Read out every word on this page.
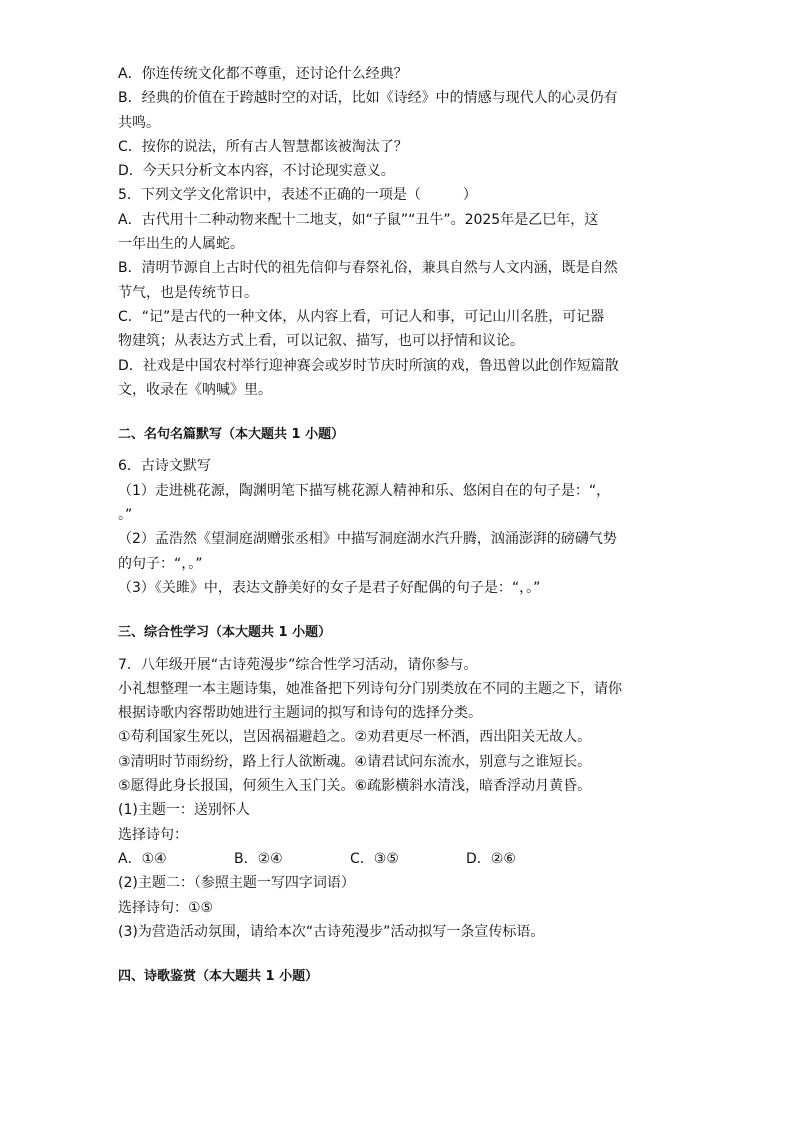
A．你连传统文化都不尊重，还讨论什么经典？
B．经典的价值在于跨越时空的对话，比如《诗经》中的情感与现代人的心灵仍有
共鸣。
C．按你的说法，所有古人智慧都该被淘汰了？
D．今天只分析文本内容，不讨论现实意义。
5．下列文学文化常识中，表述不正确的一项是（　　　）
A．古代用十二种动物来配十二地支，如“子鼠”“丑牛”。2025年是乙巳年，这
一年出生的人属蛇。
B．清明节源自上古时代的祖先信仰与春祭礼俗，兼具自然与人文内涵，既是自然
节气，也是传统节日。
C．“记”是古代的一种文体，从内容上看，可记人和事，可记山川名胜，可记器
物建筑；从表达方式上看，可以记叙、描写，也可以抒情和议论。
D．社戏是中国农村举行迎神赛会或岁时节庆时所演的戏，鲁迅曾以此创作短篇散
文，收录在《呐喊》里。
二、名句名篇默写（本大题共 1 小题）
6．古诗文默写
（1）走进桃花源，陶渊明笔下描写桃花源人精神和乐、悠闲自在的句子是：“，
。”
（2）孟浩然《望洞庭湖赠张丞相》中描写洞庭湖水汽升腾，汹涌澎湃的磅礴气势
的句子：“，。”
（3）《关雎》中，表达文静美好的女子是君子好配偶的句子是：“，。”
三、综合性学习（本大题共 1 小题）
7．八年级开展“古诗苑漫步”综合性学习活动，请你参与。
小礼想整理一本主题诗集，她准备把下列诗句分门别类放在不同的主题之下，请你
根据诗歌内容帮助她进行主题词的拟写和诗句的选择分类。
①苟利国家生死以，岂因祸福避趋之。②劝君更尽一杯酒，西出阳关无故人。
③清明时节雨纷纷，路上行人欲断魂。④请君试问东流水，别意与之谁短长。
⑤愿得此身长报国，何须生入玉门关。⑥疏影横斜水清浅，暗香浮动月黄昏。
(1)主题一：送别怀人
选择诗句：
A．①④	B．②④	C．③⑤	D．②⑥
(2)主题二：（参照主题一写四字词语）
选择诗句：①⑤
(3)为营造活动氛围，请给本次“古诗苑漫步”活动拟写一条宣传标语。
四、诗歌鉴赏（本大题共 1 小题）
